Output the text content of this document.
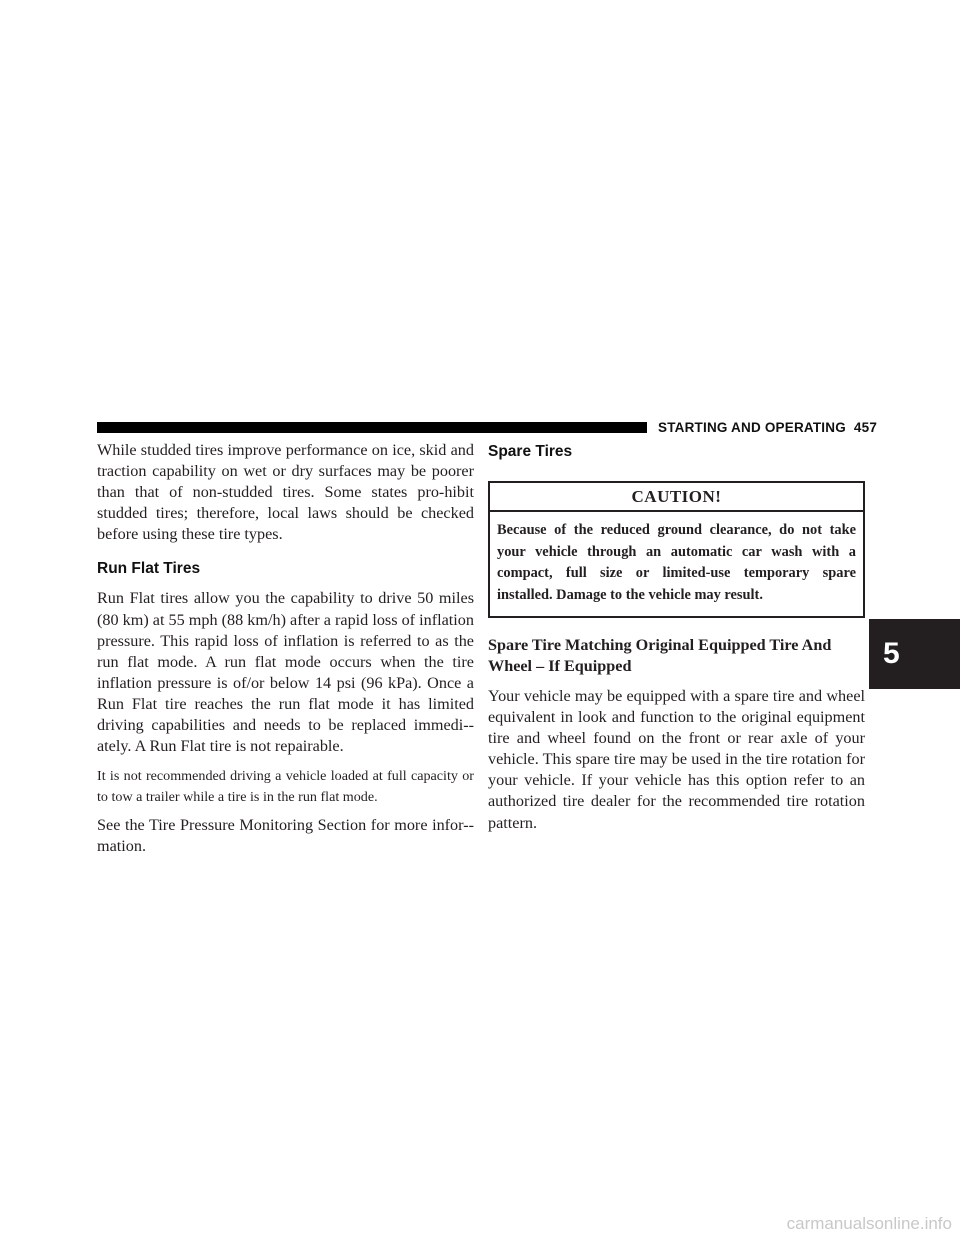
STARTING AND OPERATING 457

While studded tires improve performance on ice, skid and traction capability on wet or dry surfaces may be poorer than that of non-studded tires. Some states pro-hibit studded tires; therefore, local laws should be checked before using these tire types.

Run Flat Tires

Run Flat tires allow you the capability to drive 50 miles (80 km) at 55 mph (88 km/h) after a rapid loss of inflation pressure. This rapid loss of inflation is referred to as the run flat mode. A run flat mode occurs when the tire inflation pressure is of/or below 14 psi (96 kPa). Once a Run Flat tire reaches the run flat mode it has limited driving capabilities and needs to be replaced immedi-ately. A Run Flat tire is not repairable.

It is not recommended driving a vehicle loaded at full capacity or to tow a trailer while a tire is in the run flat mode.

See the Tire Pressure Monitoring Section for more infor-mation.

Spare Tires
CAUTION!
Because of the reduced ground clearance, do not take your vehicle through an automatic car wash with a compact, full size or limited-use temporary spare installed. Damage to the vehicle may result.
Spare Tire Matching Original Equipped Tire And Wheel – If Equipped

Your vehicle may be equipped with a spare tire and wheel equivalent in look and function to the original equipment tire and wheel found on the front or rear axle of your vehicle. This spare tire may be used in the tire rotation for your vehicle. If your vehicle has this option refer to an authorized tire dealer for the recommended tire rotation pattern.

5
carmanualsonline.info
